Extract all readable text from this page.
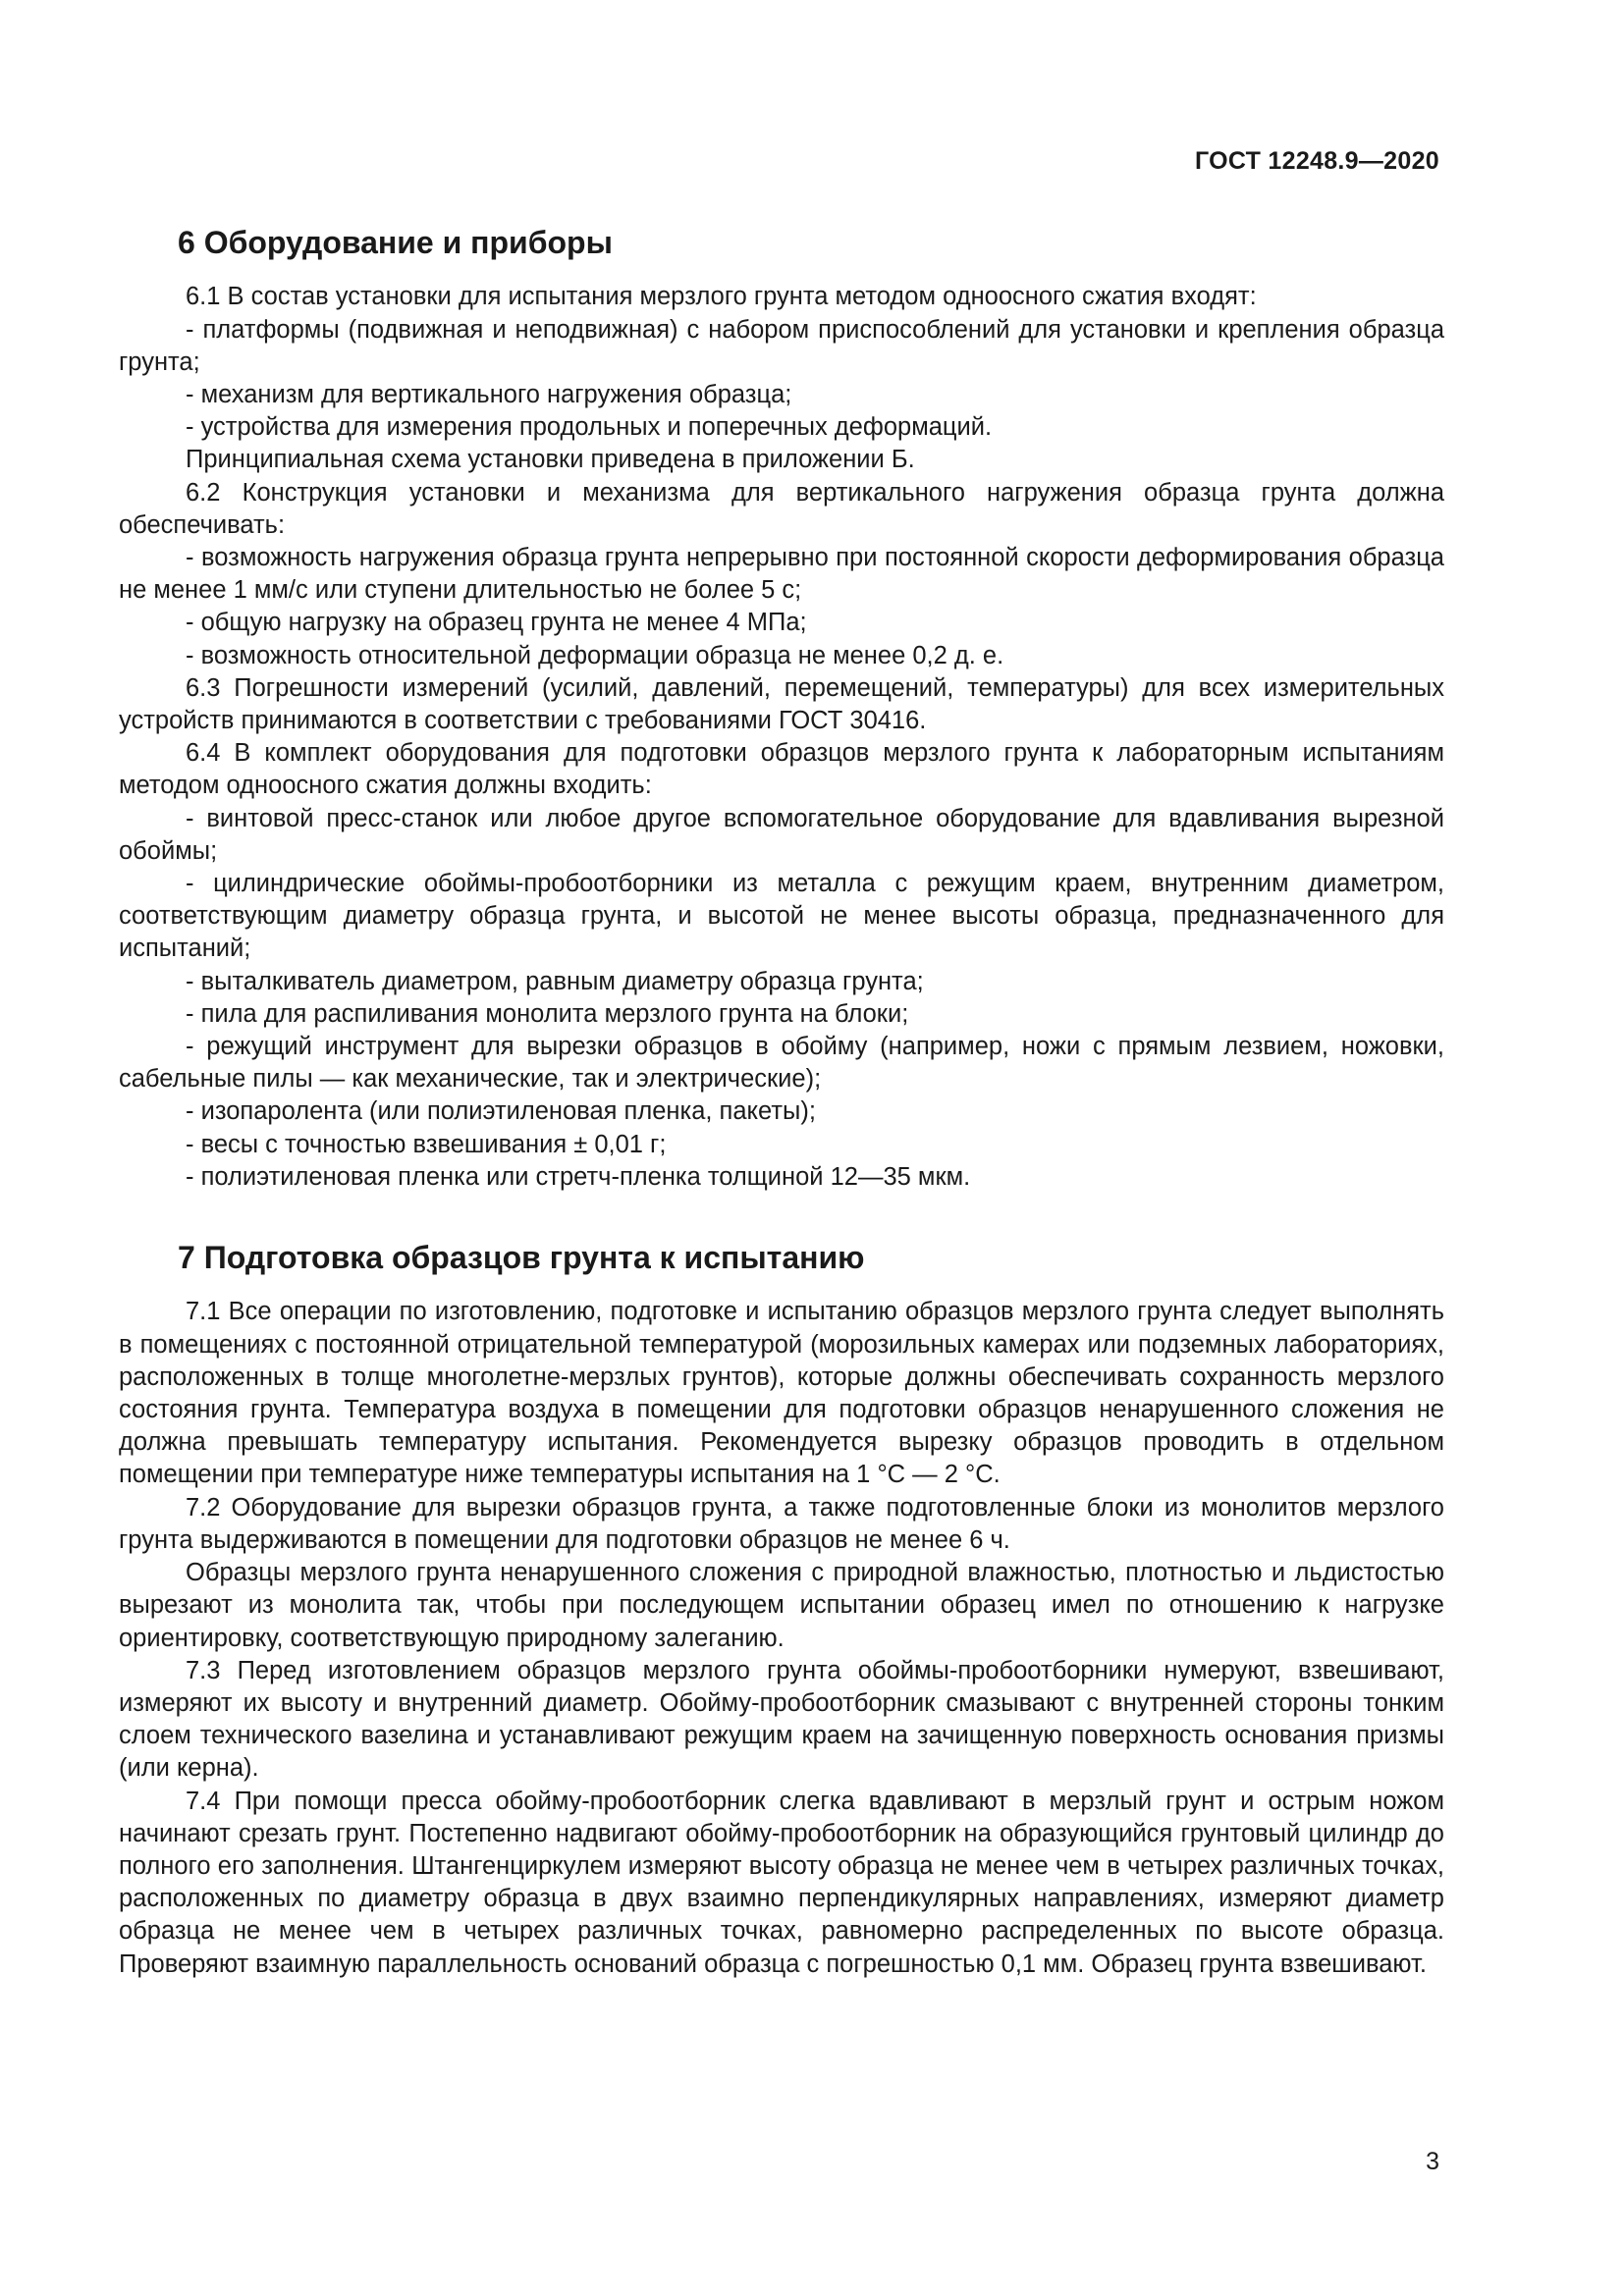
ГОСТ 12248.9—2020
6 Оборудование и приборы

6.1 В состав установки для испытания мерзлого грунта методом одноосного сжатия входят:

- платформы (подвижная и неподвижная) с набором приспособлений для установки и крепления образца грунта;

- механизм для вертикального нагружения образца;

- устройства для измерения продольных и поперечных деформаций.

Принципиальная схема установки приведена в приложении Б.

6.2 Конструкция установки и механизма для вертикального нагружения образца грунта должна обеспечивать:

- возможность нагружения образца грунта непрерывно при постоянной скорости деформирования образца не менее 1 мм/с или ступени длительностью не более 5 с;

- общую нагрузку на образец грунта не менее 4 МПа;

- возможность относительной деформации образца не менее 0,2 д. е.

6.3 Погрешности измерений (усилий, давлений, перемещений, температуры) для всех измерительных устройств принимаются в соответствии с требованиями ГОСТ 30416.

6.4 В комплект оборудования для подготовки образцов мерзлого грунта к лабораторным испытаниям методом одноосного сжатия должны входить:

- винтовой пресс-станок или любое другое вспомогательное оборудование для вдавливания вырезной обоймы;

- цилиндрические обоймы-пробоотборники из металла с режущим краем, внутренним диаметром, соответствующим диаметру образца грунта, и высотой не менее высоты образца, предназначенного для испытаний;

- выталкиватель диаметром, равным диаметру образца грунта;

- пила для распиливания монолита мерзлого грунта на блоки;

- режущий инструмент для вырезки образцов в обойму (например, ножи с прямым лезвием, ножовки, сабельные пилы — как механические, так и электрические);

- изопаролента (или полиэтиленовая пленка, пакеты);

- весы с точностью взвешивания ± 0,01 г;

- полиэтиленовая пленка или стретч-пленка толщиной 12—35 мкм.

7 Подготовка образцов грунта к испытанию

7.1 Все операции по изготовлению, подготовке и испытанию образцов мерзлого грунта следует выполнять в помещениях с постоянной отрицательной температурой (морозильных камерах или подземных лабораториях, расположенных в толще многолетне-мерзлых грунтов), которые должны обеспечивать сохранность мерзлого состояния грунта. Температура воздуха в помещении для подготовки образцов ненарушенного сложения не должна превышать температуру испытания. Рекомендуется вырезку образцов проводить в отдельном помещении при температуре ниже температуры испытания на 1 °С — 2 °С.

7.2 Оборудование для вырезки образцов грунта, а также подготовленные блоки из монолитов мерзлого грунта выдерживаются в помещении для подготовки образцов не менее 6 ч.

Образцы мерзлого грунта ненарушенного сложения с природной влажностью, плотностью и льдистостью вырезают из монолита так, чтобы при последующем испытании образец имел по отношению к нагрузке ориентировку, соответствующую природному залеганию.

7.3 Перед изготовлением образцов мерзлого грунта обоймы-пробоотборники нумеруют, взвешивают, измеряют их высоту и внутренний диаметр. Обойму-пробоотборник смазывают с внутренней стороны тонким слоем технического вазелина и устанавливают режущим краем на зачищенную поверхность основания призмы (или керна).

7.4 При помощи пресса обойму-пробоотборник слегка вдавливают в мерзлый грунт и острым ножом начинают срезать грунт. Постепенно надвигают обойму-пробоотборник на образующийся грунтовый цилиндр до полного его заполнения. Штангенциркулем измеряют высоту образца не менее чем в четырех различных точках, расположенных по диаметру образца в двух взаимно перпендикулярных направлениях, измеряют диаметр образца не менее чем в четырех различных точках, равномерно распределенных по высоте образца. Проверяют взаимную параллельность оснований образца с погрешностью 0,1 мм. Образец грунта взвешивают.

3
